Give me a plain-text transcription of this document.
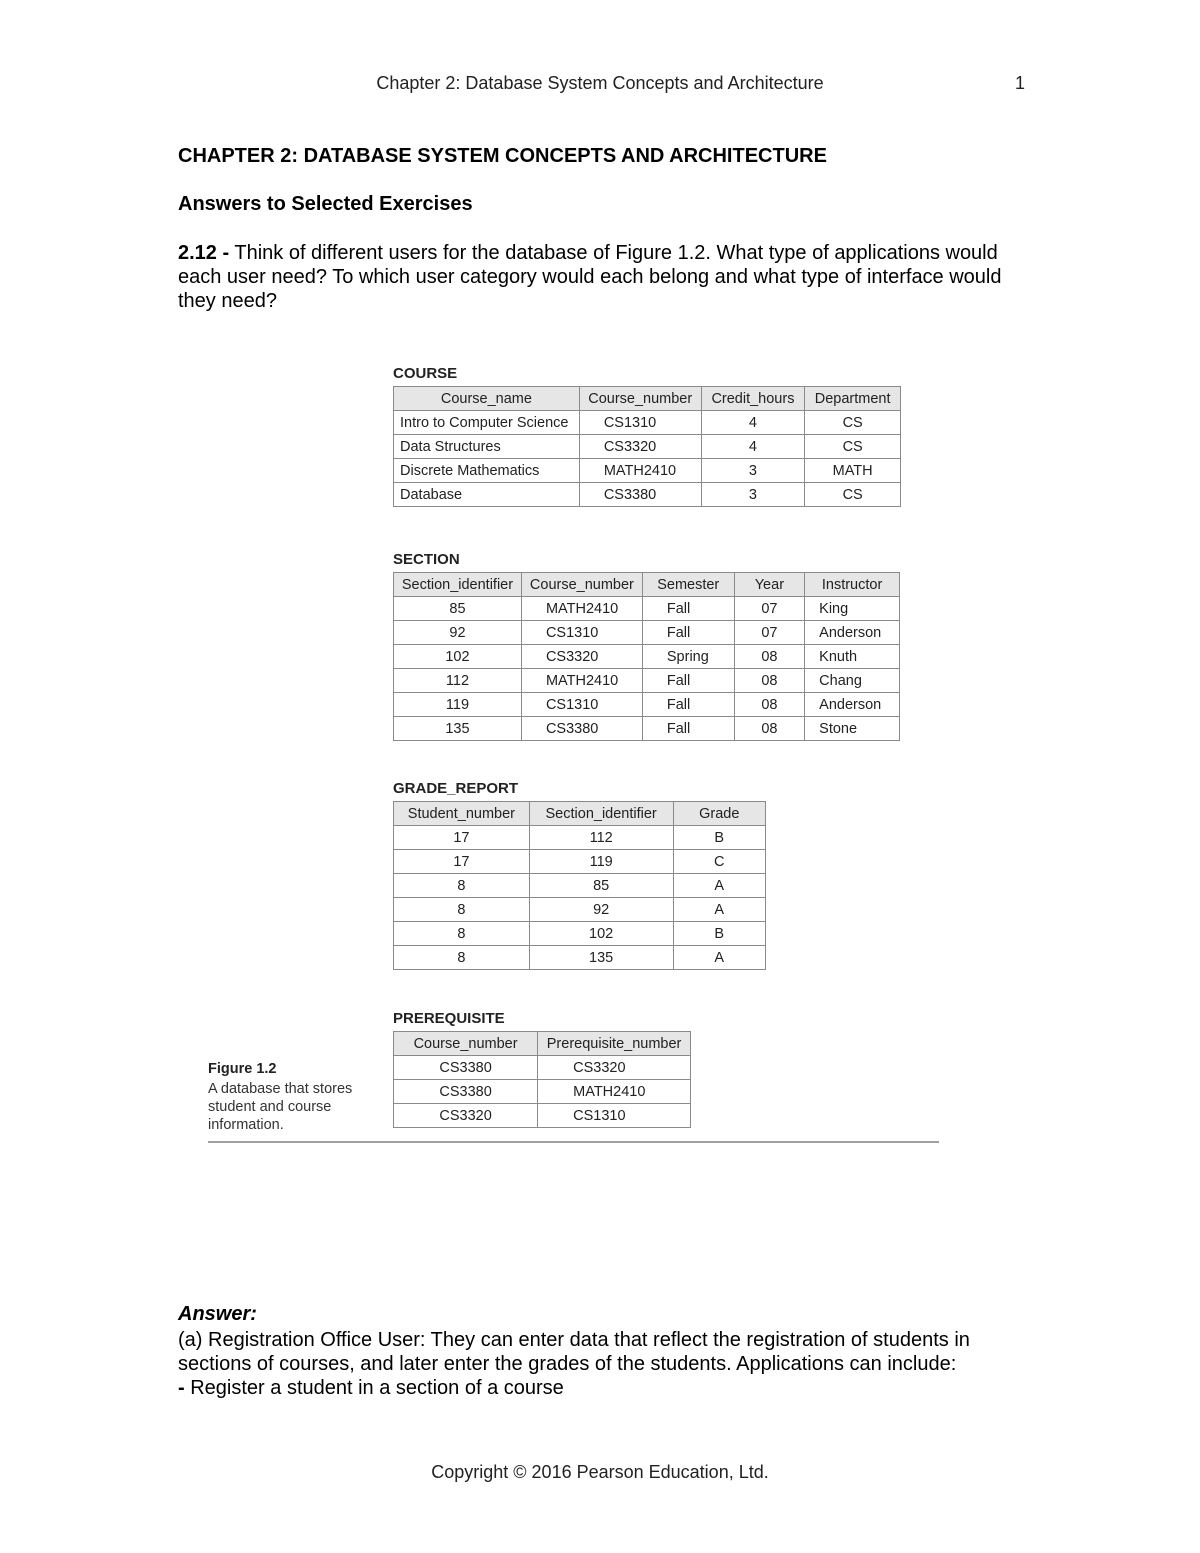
Chapter 2: Database System Concepts and Architecture	1
CHAPTER 2: DATABASE SYSTEM CONCEPTS AND ARCHITECTURE
Answers to Selected Exercises
2.12 - Think of different users for the database of Figure 1.2. What type of applications would each user need? To which user category would each belong and what type of interface would they need?
COURSE
Course_name	Course_number	Credit_hours	Department
Intro to Computer Science	CS1310	4	CS
Data Structures	CS3320	4	CS
Discrete Mathematics	MATH2410	3	MATH
Database	CS3380	3	CS
SECTION
Section_identifier	Course_number	Semester	Year	Instructor
85	MATH2410	Fall	07	King
92	CS1310	Fall	07	Anderson
102	CS3320	Spring	08	Knuth
112	MATH2410	Fall	08	Chang
119	CS1310	Fall	08	Anderson
135	CS3380	Fall	08	Stone
GRADE_REPORT
Student_number	Section_identifier	Grade
17	112	B
17	119	C
8	85	A
8	92	A
8	102	B
8	135	A
PREREQUISITE
Course_number	Prerequisite_number
CS3380	CS3320
CS3380	MATH2410
CS3320	CS1310
Figure 1.2
A database that stores student and course information.
Answer:
(a) Registration Office User: They can enter data that reflect the registration of students in sections of courses, and later enter the grades of the students. Applications can include:
- Register a student in a section of a course
Copyright © 2016 Pearson Education, Ltd.
